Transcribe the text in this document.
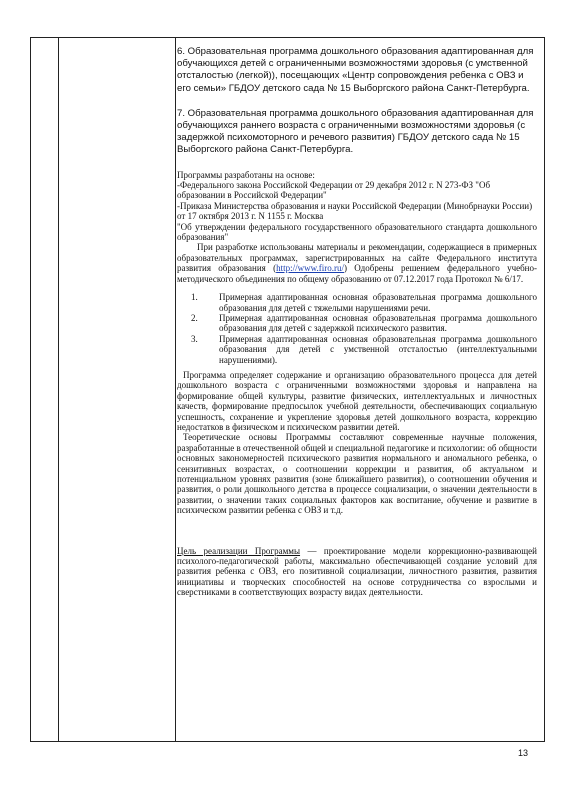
6. Образовательная программа дошкольного образования адаптированная для обучающихся детей с ограниченными возможностями здоровья (с умственной отсталостью (легкой)), посещающих «Центр сопровождения ребенка с ОВЗ и его семьи» ГБДОУ детского сада № 15 Выборгского района Санкт-Петербурга.

7. Образовательная программа дошкольного образования адаптированная для обучающихся раннего возраста с ограниченными возможностями здоровья (с задержкой психомоторного и речевого развития) ГБДОУ детского сада № 15 Выборгского района Санкт-Петербурга.

Программы разработаны на основе:

-Федерального закона Российской Федерации от 29 декабря 2012 г. N 273-ФЗ "Об образовании в Российской Федерации"

-Приказа Министерства образования и науки Российской Федерации (Минобрнауки России) от 17 октября 2013 г. N 1155 г. Москва

"Об утверждении федерального государственного образовательного стандарта дошкольного образования"

При разработке использованы материалы и рекомендации, содержащиеся в примерных образовательных программах, зарегистрированных на сайте Федерального института развития образования (http://www.firo.ru/) Одобрены решением федерального учебно-методического объединения по общему образованию от 07.12.2017 года Протокол № 6/17.

1. Примерная адаптированная основная образовательная программа дошкольного образования для детей с тяжелыми нарушениями речи.
2. Примерная адаптированная основная образовательная программа дошкольного образования для детей с задержкой психического развития.
3. Примерная адаптированная основная образовательная программа дошкольного образования для детей с умственной отсталостью (интеллектуальными нарушениями).

Программа определяет содержание и организацию образовательного процесса для детей дошкольного возраста с ограниченными возможностями здоровья и направлена на формирование общей культуры, развитие физических, интеллектуальных и личностных качеств, формирование предпосылок учебной деятельности, обеспечивающих социальную успешность, сохранение и укрепление здоровья детей дошкольного возраста, коррекцию недостатков в физическом и психическом развитии детей.

Теоретические основы Программы составляют современные научные положения, разработанные в отечественной общей и специальной педагогике и психологии: об общности основных закономерностей психического развития нормального и аномального ребенка, о сензитивных возрастах, о соотношении коррекции и развития, об актуальном и потенциальном уровнях развития (зоне ближайшего развития), о соотношении обучения и развития, о роли дошкольного детства в процессе социализации, о значении деятельности в развитии, о значении таких социальных факторов как воспитание, обучение и развитие в психическом развитии ребенка с ОВЗ и т.д.

Цель реализации Программы — проектирование модели коррекционно-развивающей психолого-педагогической работы, максимально обеспечивающей создание условий для развития ребенка с ОВЗ, его позитивной социализации, личностного развития, развития инициативы и творческих способностей на основе сотрудничества со взрослыми и сверстниками в соответствующих возрасту видах деятельности.

13
